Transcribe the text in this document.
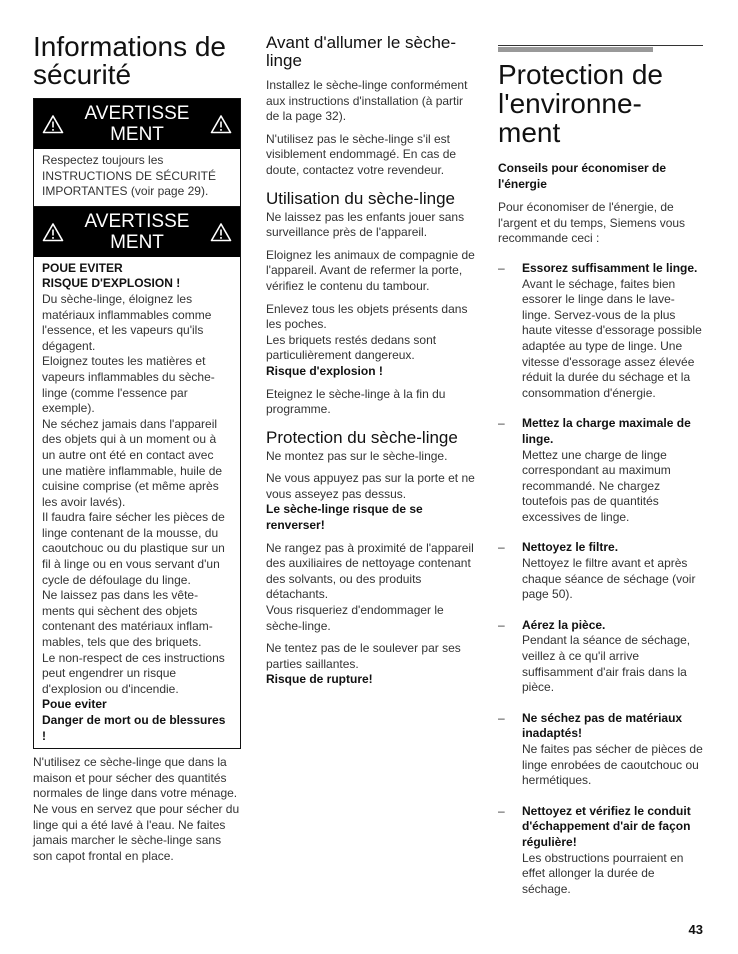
Informations de sécurité
AVERTISSE MENT

Respectez toujours les INSTRUCTIONS DE SÉCURITÉ IMPORTANTES (voir page 29).

AVERTISSE MENT

POUE EVITER

RISQUE D'EXPLOSION !

Du sèche-linge, éloignez les matériaux inflammables comme l'essence, et les vapeurs qu'ils dégagent.

Eloignez toutes les matières et vapeurs inflammables du sèche-linge (comme l'essence par exemple).

Ne séchez jamais dans l'appareil des objets qui à un moment ou à un autre ont été en contact avec une matière inflammable, huile de cuisine comprise (et même après les avoir lavés).

Il faudra faire sécher les pièces de linge contenant de la mousse, du caoutchouc ou du plastique sur un fil à linge ou en vous servant d'un cycle de défoulage du linge.

Ne laissez pas dans les vête- ments qui sèchent des objets contenant des matériaux inflam- mables, tels que des briquets.

Le non-respect de ces instructions peut engendrer un risque d'explosion ou d'incendie.

Poue eviter

Danger de mort ou de blessures !

N'utilisez ce sèche-linge que dans la maison et pour sécher des quantités normales de linge dans votre ménage. Ne vous en servez que pour sécher du linge qui a été lavé à l'eau. Ne faites jamais marcher le sèche-linge sans son capot frontal en place.

Avant d'allumer le sèche-linge

Installez le sèche-linge conformément aux instructions d'installation (à partir de la page 32).

N'utilisez pas le sèche-linge s'il est visiblement endommagé. En cas de doute, contactez votre revendeur.

Utilisation du sèche-linge

Ne laissez pas les enfants jouer sans surveillance près de l'appareil.

Eloignez les animaux de compagnie de l'appareil. Avant de refermer la porte, vérifiez le contenu du tambour.

Enlevez tous les objets présents dans les poches.

Les briquets restés dedans sont particulièrement dangereux.

Risque d'explosion !

Eteignez le sèche-linge à la fin du programme.

Protection du sèche-linge

Ne montez pas sur le sèche-linge.

Ne vous appuyez pas sur la porte et ne vous asseyez pas dessus.

Le sèche-linge risque de se renverser!

Ne rangez pas à proximité de l'appareil des auxiliaires de nettoyage contenant des solvants, ou des produits détachants.

Vous risqueriez d'endommager le sèche-linge.

Ne tentez pas de le soulever par ses parties saillantes.

Risque de rupture!

Protection de l'environne- ment

Conseils pour économiser de l'énergie

Pour économiser de l'énergie, de l'argent et du temps, Siemens vous recommande ceci :

–	Essorez suffisamment le linge.

Avant le séchage, faites bien essorer le linge dans le lave-linge. Servez-vous de la plus haute vitesse d'essorage possible adaptée au type de linge. Une vitesse d'essorage assez élevée réduit la durée du séchage et la consommation d'énergie.

–	Mettez la charge maximale de linge.

Mettez une charge de linge correspondant au maximum recommandé. Ne chargez toutefois pas de quantités excessives de linge.

–	Nettoyez le filtre.

Nettoyez le filtre avant et après chaque séance de séchage (voir page 50).

–	Aérez la pièce.

Pendant la séance de séchage, veillez à ce qu'il arrive suffisamment d'air frais dans la pièce.

–	Ne séchez pas de matériaux inadaptés!

Ne faites pas sécher de pièces de linge enrobées de caoutchouc ou hermétiques.

–	Nettoyez et vérifiez le conduit d'échappement d'air de façon régulière!

Les obstructions pourraient en effet allonger la durée de séchage.

43
